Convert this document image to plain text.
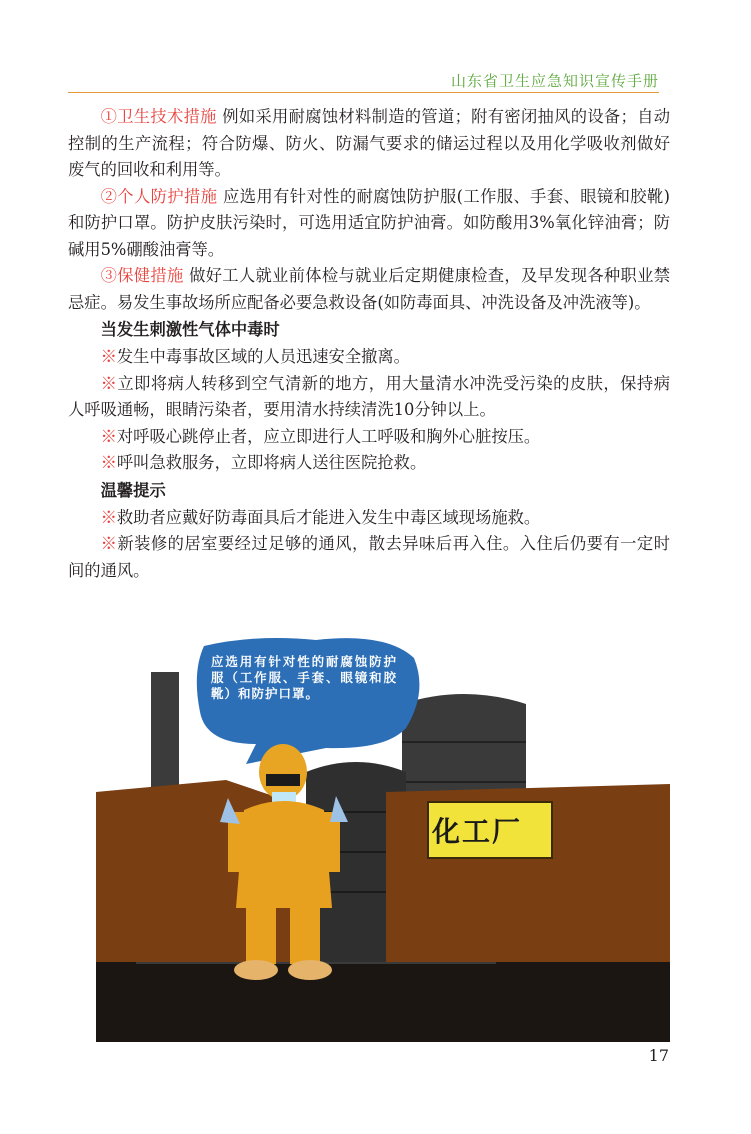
山东省卫生应急知识宣传手册

①卫生技术措施 例如采用耐腐蚀材料制造的管道；附有密闭抽风的设备；自动控制的生产流程；符合防爆、防火、防漏气要求的储运过程以及用化学吸收剂做好废气的回收和利用等。

②个人防护措施 应选用有针对性的耐腐蚀防护服(工作服、手套、眼镜和胶靴)和防护口罩。防护皮肤污染时，可选用适宜防护油膏。如防酸用3%氧化锌油膏；防碱用5%硼酸油膏等。

③保健措施 做好工人就业前体检与就业后定期健康检查，及早发现各种职业禁忌症。易发生事故场所应配备必要急救设备(如防毒面具、冲洗设备及冲洗液等)。

当发生刺激性气体中毒时

※发生中毒事故区域的人员迅速安全撤离。

※立即将病人转移到空气清新的地方，用大量清水冲洗受污染的皮肤，保持病人呼吸通畅，眼睛污染者，要用清水持续清洗10分钟以上。

※对呼吸心跳停止者，应立即进行人工呼吸和胸外心脏按压。

※呼叫急救服务，立即将病人送往医院抢救。

温馨提示

※救助者应戴好防毒面具后才能进入发生中毒区域现场施救。

※新装修的居室要经过足够的通风，散去异味后再入住。入住后仍要有一定时间的通风。

应选用有针对性的耐腐蚀防护服（工作服、手套、眼镜和胶靴）和防护口罩。
化工厂
17
